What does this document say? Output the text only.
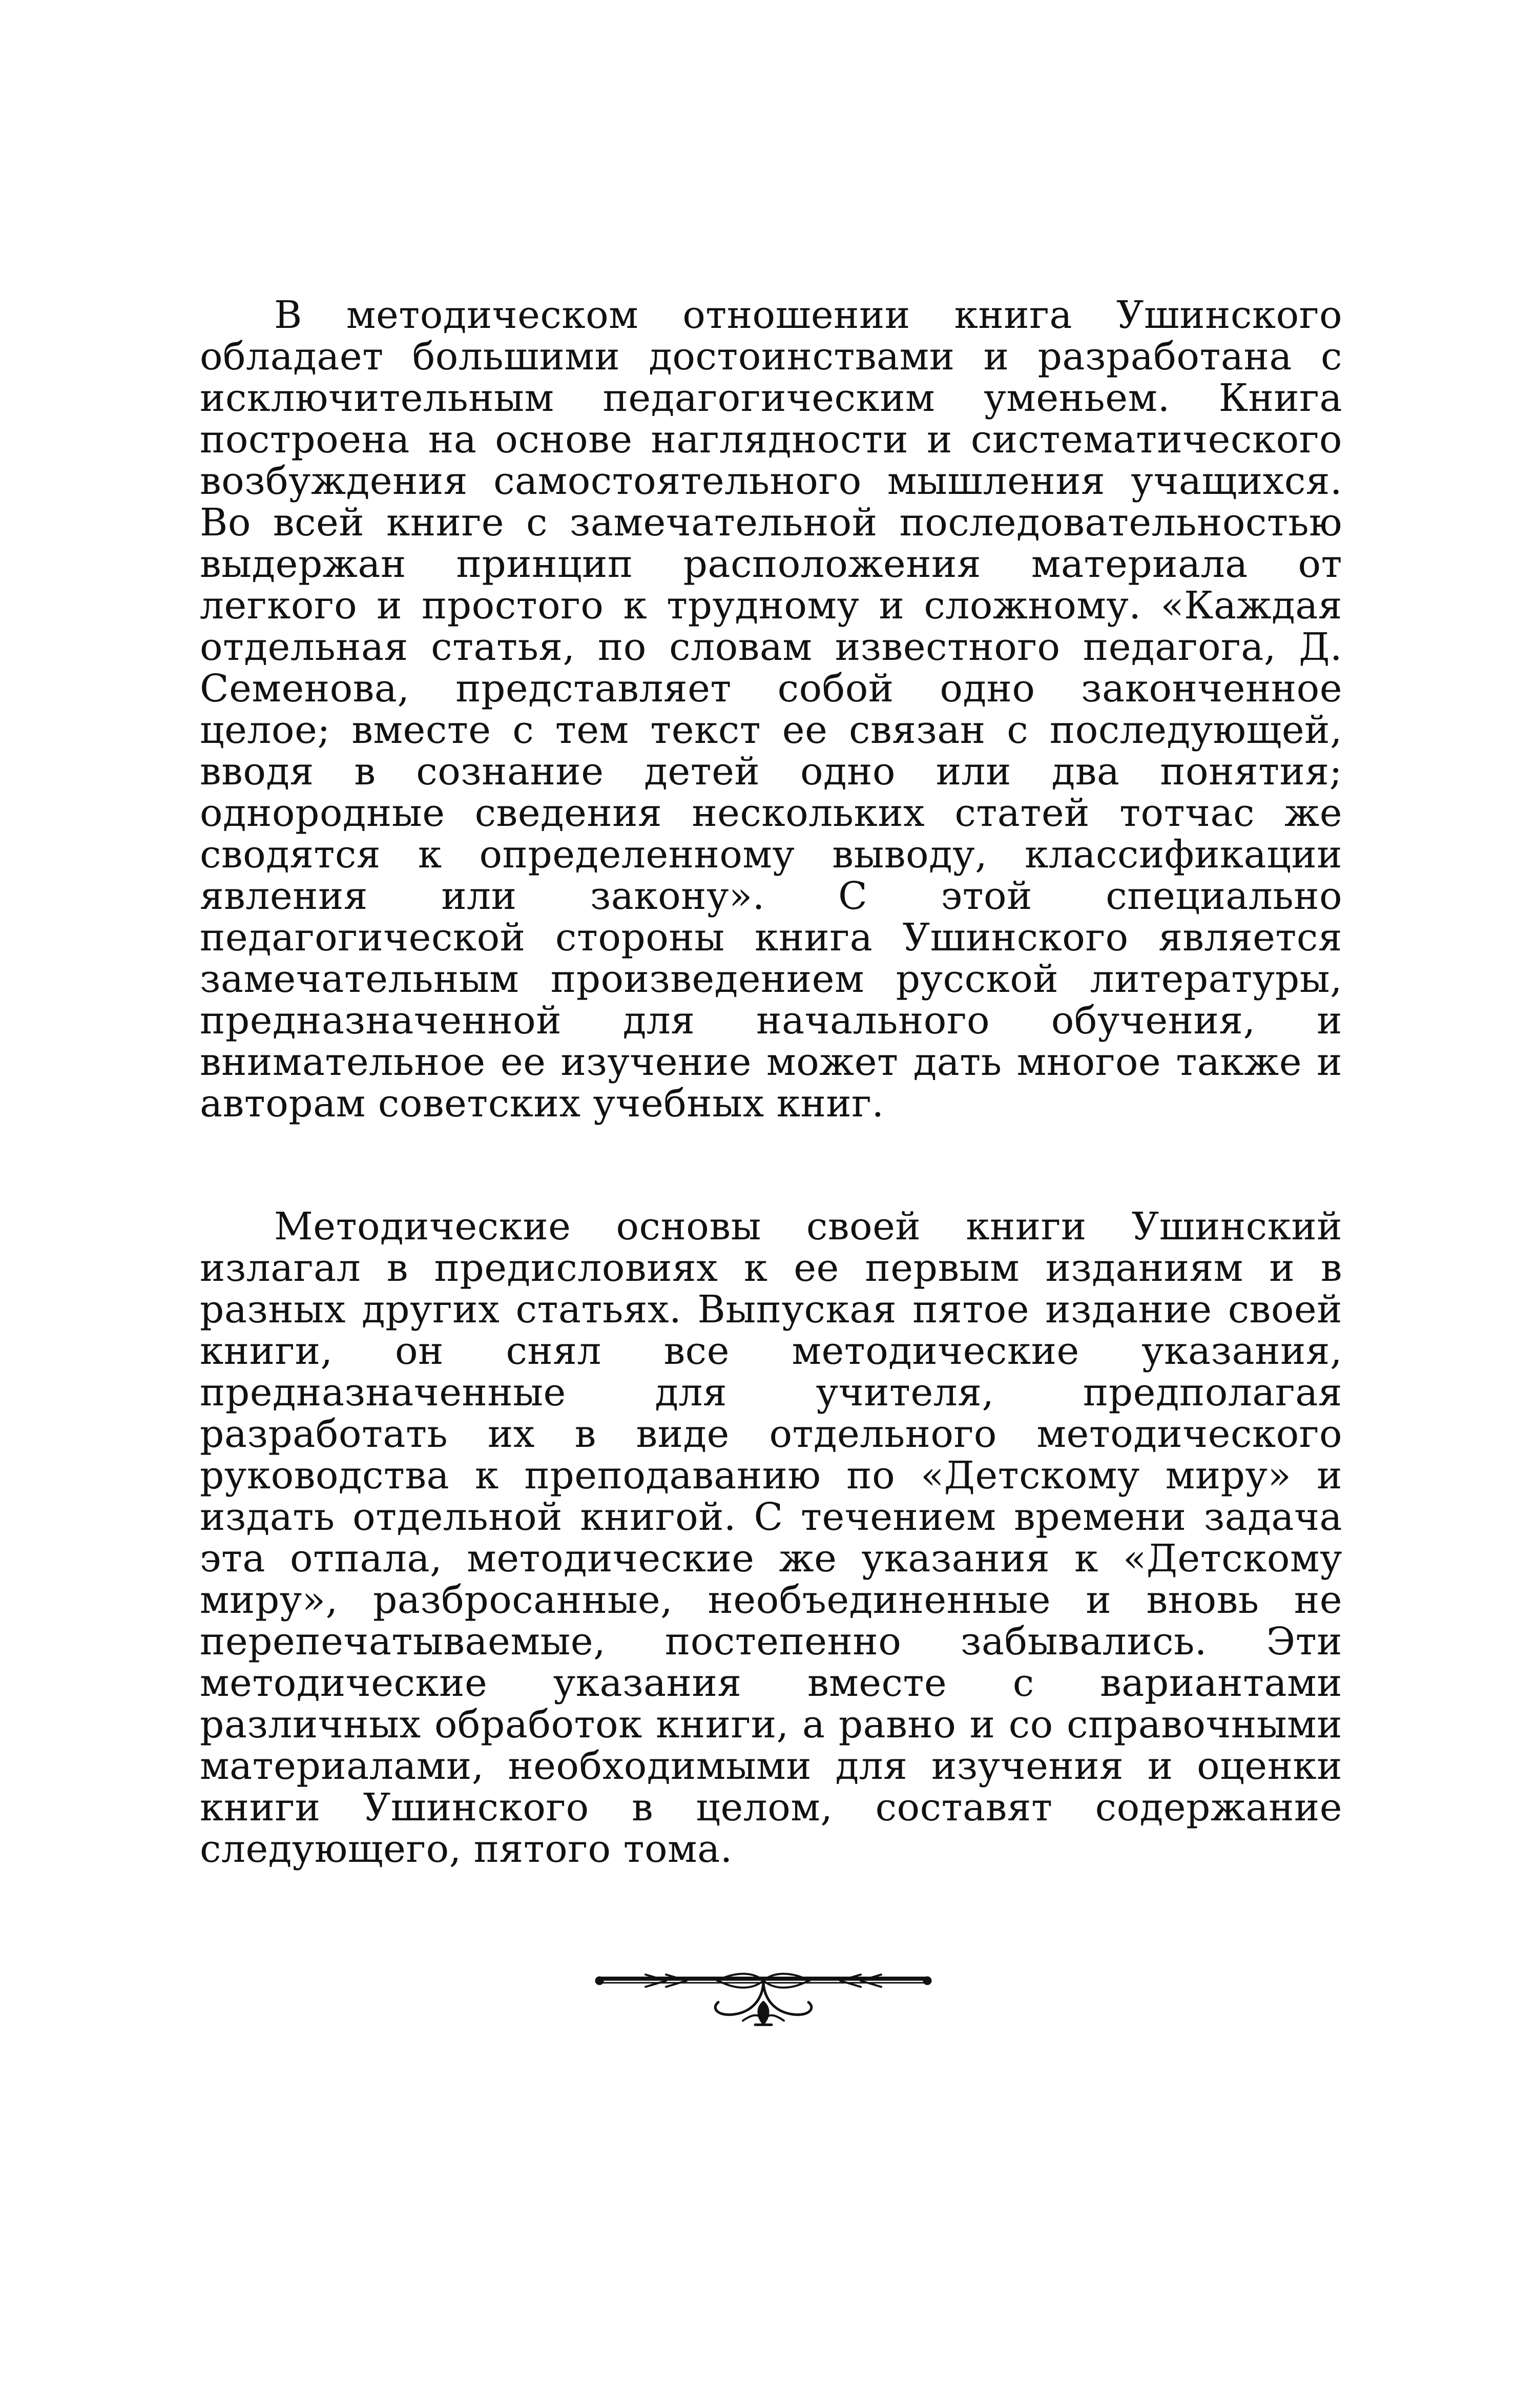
В методическом отношении книга Ушинского обладает большими достоинствами и разработана с исключительным педагогическим уменьем. Книга построена на основе наглядности и систематического возбуждения самостоятельного мышления учащихся. Во всей книге с замечательной последовательностью выдержан принцип расположения материала от легкого и простого к трудному и сложному. «Каждая отдельная статья, по словам известного педагога, Д. Семенова, представляет собой одно законченное целое; вместе с тем текст ее связан с последующей, вводя в сознание детей одно или два понятия; однородные сведения нескольких статей тотчас же сводятся к определенному выводу, классификации явления или закону». С этой специально педагогической стороны книга Ушинского является замечательным произведением русской литературы, предназначенной для начального обучения, и внимательное ее изучение может дать многое также и авторам советских учебных книг.

Методические основы своей книги Ушинский излагал в предисловиях к ее первым изданиям и в разных других статьях. Выпуская пятое издание своей книги, он снял все методические указания, предназначенные для учителя, предполагая разработать их в виде отдельного методического руководства к преподаванию по «Детскому миру» и издать отдельной книгой. С течением времени задача эта отпала, методические же указания к «Детскому миру», разбросанные, необъединенные и вновь не перепечатываемые, постепенно забывались. Эти методические указания вместе с вариантами различных обработок книги, а равно и со справочными материалами, необходимыми для изучения и оценки книги Ушинского в целом, составят содержание следующего, пятого тома.
